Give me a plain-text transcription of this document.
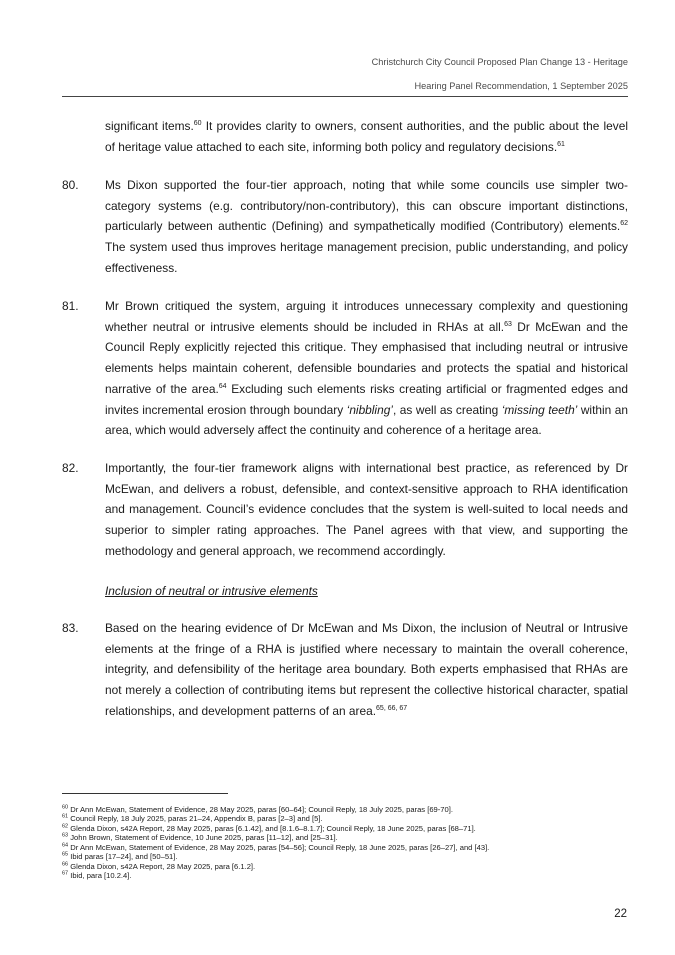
Christchurch City Council Proposed Plan Change 13 - Heritage
Hearing Panel Recommendation, 1 September 2025
significant items.$^{60}$ It provides clarity to owners, consent authorities, and the public about the level of heritage value attached to each site, informing both policy and regulatory decisions.$^{61}$
80. Ms Dixon supported the four-tier approach, noting that while some councils use simpler two-category systems (e.g. contributory/non-contributory), this can obscure important distinctions, particularly between authentic (Defining) and sympathetically modified (Contributory) elements.$^{62}$ The system used thus improves heritage management precision, public understanding, and policy effectiveness.
81. Mr Brown critiqued the system, arguing it introduces unnecessary complexity and questioning whether neutral or intrusive elements should be included in RHAs at all.$^{63}$ Dr McEwan and the Council Reply explicitly rejected this critique. They emphasised that including neutral or intrusive elements helps maintain coherent, defensible boundaries and protects the spatial and historical narrative of the area.$^{64}$ Excluding such elements risks creating artificial or fragmented edges and invites incremental erosion through boundary ‘nibbling’, as well as creating ‘missing teeth’ within an area, which would adversely affect the continuity and coherence of a heritage area.
82. Importantly, the four-tier framework aligns with international best practice, as referenced by Dr McEwan, and delivers a robust, defensible, and context-sensitive approach to RHA identification and management. Council’s evidence concludes that the system is well-suited to local needs and superior to simpler rating approaches. The Panel agrees with that view, and supporting the methodology and general approach, we recommend accordingly.
Inclusion of neutral or intrusive elements
83. Based on the hearing evidence of Dr McEwan and Ms Dixon, the inclusion of Neutral or Intrusive elements at the fringe of a RHA is justified where necessary to maintain the overall coherence, integrity, and defensibility of the heritage area boundary. Both experts emphasised that RHAs are not merely a collection of contributing items but represent the collective historical character, spatial relationships, and development patterns of an area.$^{65, 66, 67}$
$^{60}$ Dr Ann McEwan, Statement of Evidence, 28 May 2025, paras [60–64]; Council Reply, 18 July 2025, paras [69-70].
$^{61}$ Council Reply, 18 July 2025, paras 21–24, Appendix B, paras [2–3] and [5].
$^{62}$ Glenda Dixon, s42A Report, 28 May 2025, paras [6.1.42], and [8.1.6–8.1.7]; Council Reply, 18 June 2025, paras [68–71].
$^{63}$ John Brown, Statement of Evidence, 10 June 2025, paras [11–12], and [25–31].
$^{64}$ Dr Ann McEwan, Statement of Evidence, 28 May 2025, paras [54–56]; Council Reply, 18 June 2025, paras [26–27], and [43].
$^{65}$ Ibid paras [17–24], and [50–51].
$^{66}$ Glenda Dixon, s42A Report, 28 May 2025, para [6.1.2].
$^{67}$ Ibid, para [10.2.4].
22
